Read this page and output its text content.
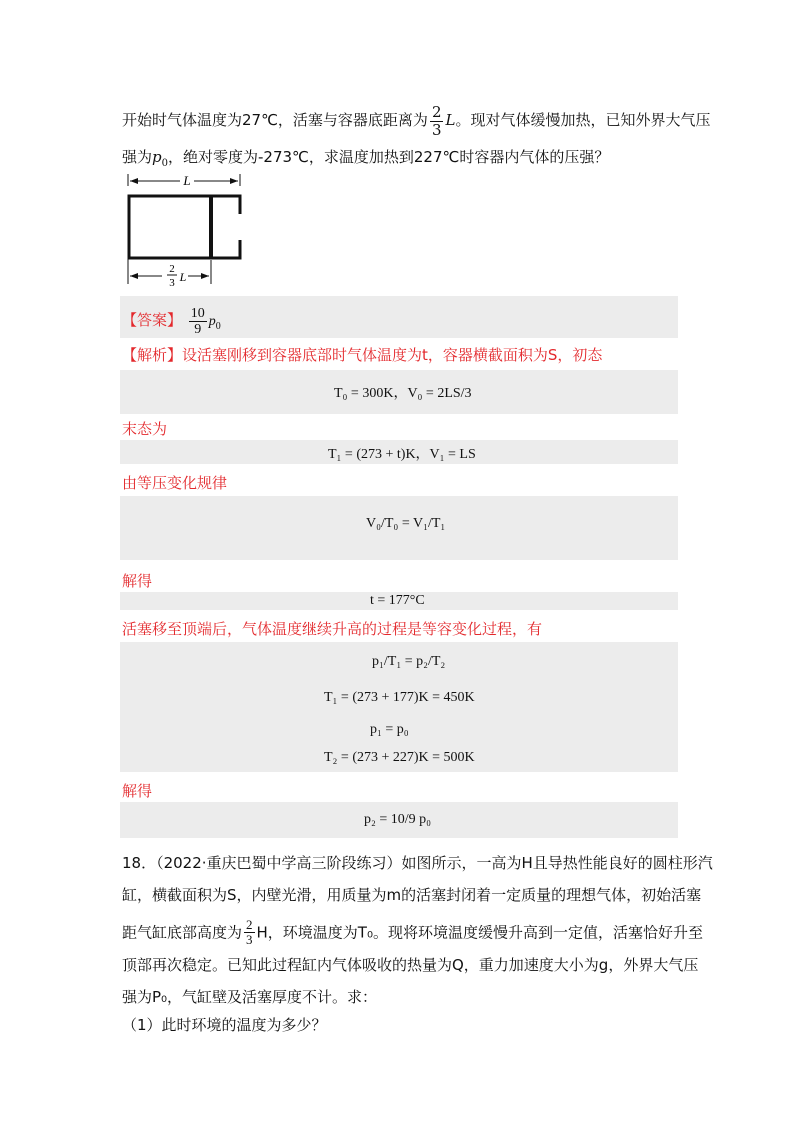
开始时气体温度为27℃，活塞与容器底距离为 $\frac{2}{3}$ L。现对气体缓慢加热，已知外界大气压
强为$p_0$，绝对零度为-273℃，求温度加热到227℃时容器内气体的压强？
L
2
3 L
【答案】 $\frac{10}{9} p_0$
【解析】设活塞刚移到容器底部时气体温度为t，容器横截面积为S，初态
T₀ = 300K，V₀ = 2LS/3
末态为
T₁ = (273 + t)K，V₁ = LS
由等压变化规律
V₀/T₀ = V₁/T₁
解得
t = 177°C
活塞移至顶端后，气体温度继续升高的过程是等容变化过程，有
p₁/T₁ = p₂/T₂
T₁ = (273 + 177)K = 450K
p₁ = p₀
T₂ = (273 + 227)K = 500K
解得
p₂ = 10/9 p₀
18．（2022·重庆巴蜀中学高三阶段练习）如图所示，一高为H且导热性能良好的圆柱形汽
缸，横截面积为S，内壁光滑，用质量为m的活塞封闭着一定质量的理想气体，初始活塞
距气缸底部高度为 $\frac{2}{3}$ H，环境温度为T₀。现将环境温度缓慢升高到一定值，活塞恰好升至
顶部再次稳定。已知此过程缸内气体吸收的热量为Q，重力加速度大小为g，外界大气压
强为P₀，气缸壁及活塞厚度不计。求：
（1）此时环境的温度为多少？
